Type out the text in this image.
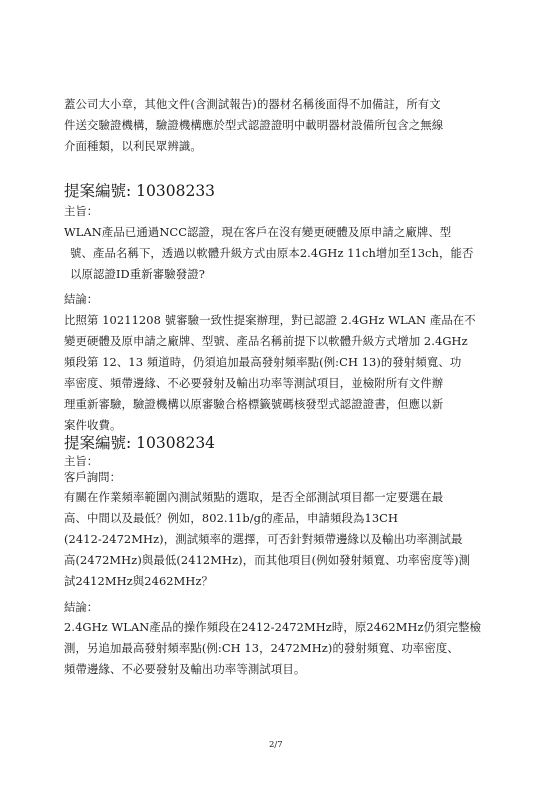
蓋公司大小章，其他文件(含測試報告)的器材名稱後面得不加備註，所有文
件送交驗證機構，驗證機構應於型式認證證明中載明器材設備所包含之無線
介面種類，以利民眾辨識。
提案編號: 10308233
主旨：
WLAN產品已通過NCC認證，現在客戶在沒有變更硬體及原申請之廠牌、型
號、產品名稱下，透過以軟體升級方式由原本2.4GHz 11ch增加至13ch，能否
以原認證ID重新審驗發證?
結論：
比照第 10211208 號審驗一致性提案辦理，對已認證 2.4GHz WLAN 產品在不
變更硬體及原申請之廠牌、型號、產品名稱前提下以軟體升級方式增加 2.4GHz
頻段第 12、13 頻道時，仍須追加最高發射頻率點(例:CH 13)的發射頻寬、功
率密度、頻帶邊緣、不必要發射及輸出功率等測試項目，並檢附所有文件辦
理重新審驗，驗證機構以原審驗合格標籤號碼核發型式認證證書，但應以新
案件收費。
提案編號: 10308234
主旨：
客戶詢問：
有關在作業頻率範圍內測試頻點的選取，是否全部測試項目都一定要選在最
高、中間以及最低？例如，802.11b/g的產品，申請頻段為13CH
(2412-2472MHz)，測試頻率的選擇，可否針對頻帶邊緣以及輸出功率測試最
高(2472MHz)與最低(2412MHz)，而其他項目(例如發射頻寬、功率密度等)測
試2412MHz與2462MHz？
結論：
2.4GHz WLAN產品的操作頻段在2412-2472MHz時，原2462MHz仍須完整檢
測，另追加最高發射頻率點(例:CH 13，2472MHz)的發射頻寬、功率密度、
頻帶邊緣、不必要發射及輸出功率等測試項目。
2/7
